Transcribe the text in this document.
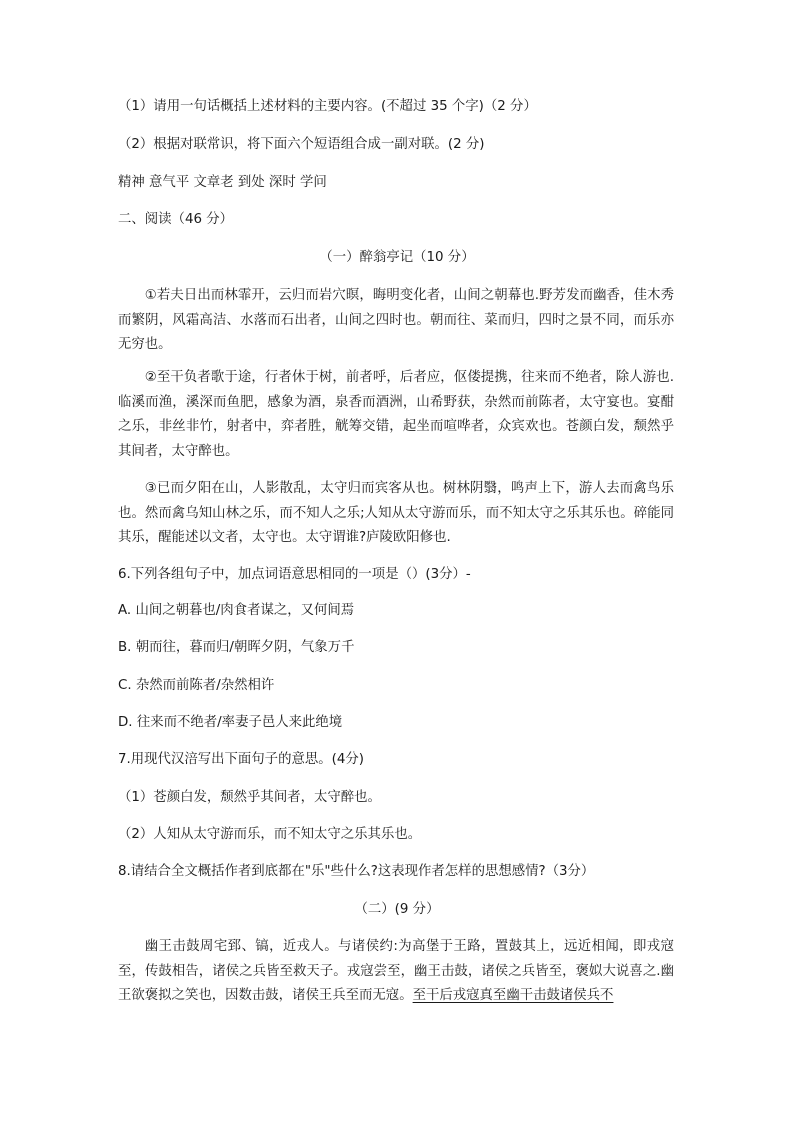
（1）请用一句话概括上述材料的主要内容。(不超过 35 个字)（2 分）
（2）根据对联常识，将下面六个短语组合成一副对联。(2 分)
精神 意气平 文章老 到处 深时 学问
二、阅读（46 分）
（一）醉翁亭记（10 分）
①若夫日出而林霏开，云归而岩穴暝，晦明变化者，山间之朝幕也.野芳发而幽香，佳木秀而繁阴，风霜高洁、水落而石出者，山间之四时也。朝而往、菜而归，四时之景不同，而乐亦无穷也。
②至干负者歌于途，行者休于树，前者呼，后者应，伛偻提携，往来而不绝者，除人游也.临溪而渔，溪深而鱼肥，感象为酒，泉香而酒洲，山希野获，杂然而前陈者，太守宴也。宴酣之乐，非丝非竹，射者中，弈者胜，觥筹交错，起坐而喧哗者，众宾欢也。苍颜白发，颓然乎其间者，太守醉也。
③已而夕阳在山，人影散乱，太守归而宾客从也。树林阴翳，鸣声上下，游人去而禽鸟乐也。然而禽乌知山林之乐，而不知人之乐;人知从太守游而乐，而不知太守之乐其乐也。碎能同其乐，醒能述以文者，太守也。太守谓谁?庐陵欧阳修也.
6.下列各组句子中，加点词语意思相同的一项是（）(3分）-
A. 山间之朝暮也/肉食者谋之，又何间焉
B. 朝而往，暮而归/朝晖夕阴，气象万千
C. 杂然而前陈者/杂然相许
D. 往来而不绝者/率妻子邑人来此绝境
7.用现代汉涪写出下面句子的意思。(4分)
（1）苍颜白发，颓然乎其间者，太守醉也。
（2）人知从太守游而乐，而不知太守之乐其乐也。
8.请结合全文概括作者到底都在"乐"些什么?这表现作者怎样的思想感情?（3分）
（二）(9 分）
幽王击鼓周宅郅、镐，近戎人。与诸侯约:为高堡于王路，置鼓其上，远近相闻，即戎寇至，传鼓相告，诸侯之兵皆至救天子。戎寇尝至，幽王击鼓，诸侯之兵皆至，褒姒大说喜之.幽王欲褒拟之笑也，因数击鼓，诸侯王兵至而无寇。至干后戎寇真至幽干击鼓诸侯兵不
